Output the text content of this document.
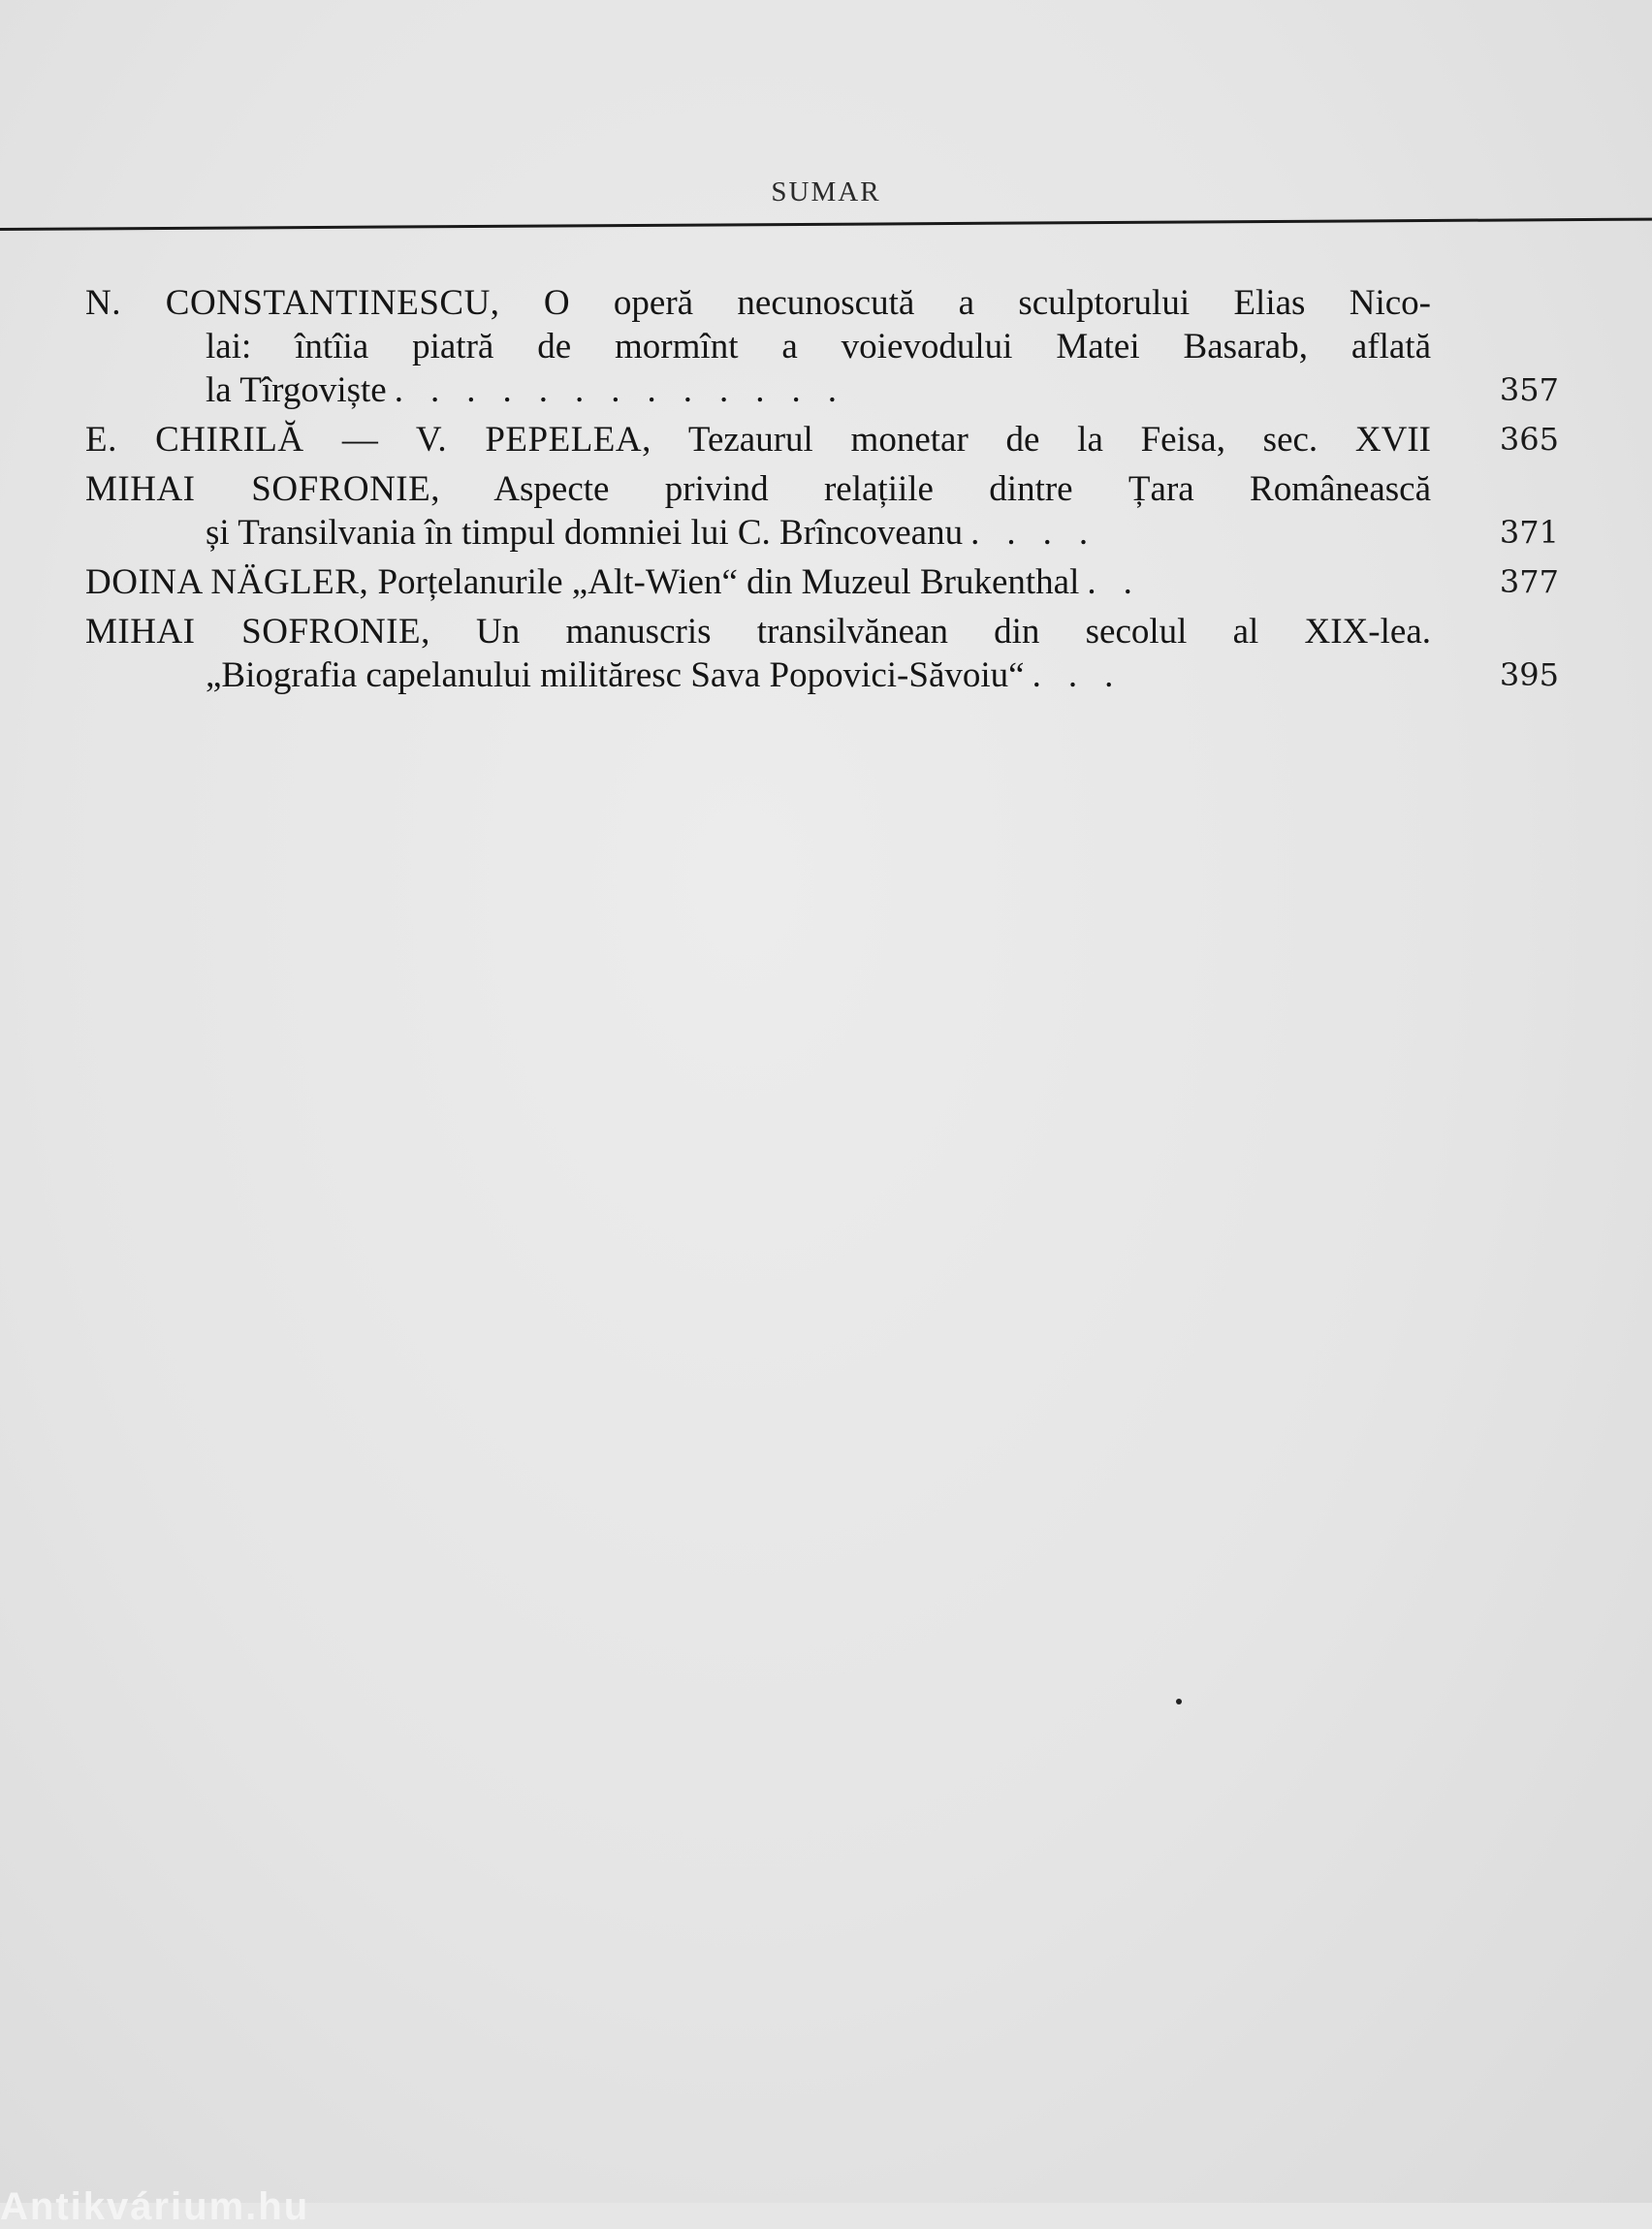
SUMAR
N. CONSTANTINESCU, O operă necunoscută a sculptorului Elias Nico-
lai: întîia piatră de mormînt a voievodului Matei Basarab, aflată
la Tîrgoviște .............	357
E. CHIRILĂ — V. PEPELEA, Tezaurul monetar de la Feisa, sec. XVII 365
MIHAI SOFRONIE, Aspecte privind relațiile dintre Țara Românească
și Transilvania în timpul domniei lui C. Brîncoveanu ....	371
DOINA NÄGLER, Porțelanurile „Alt-Wien“ din Muzeul Brukenthal ..	377
MIHAI SOFRONIE, Un manuscris transilvănean din secolul al XIX-lea.
„Biografia capelanului milităresc Sava Popovici-Săvoiu“ ...	395
Antikvárium.hu
